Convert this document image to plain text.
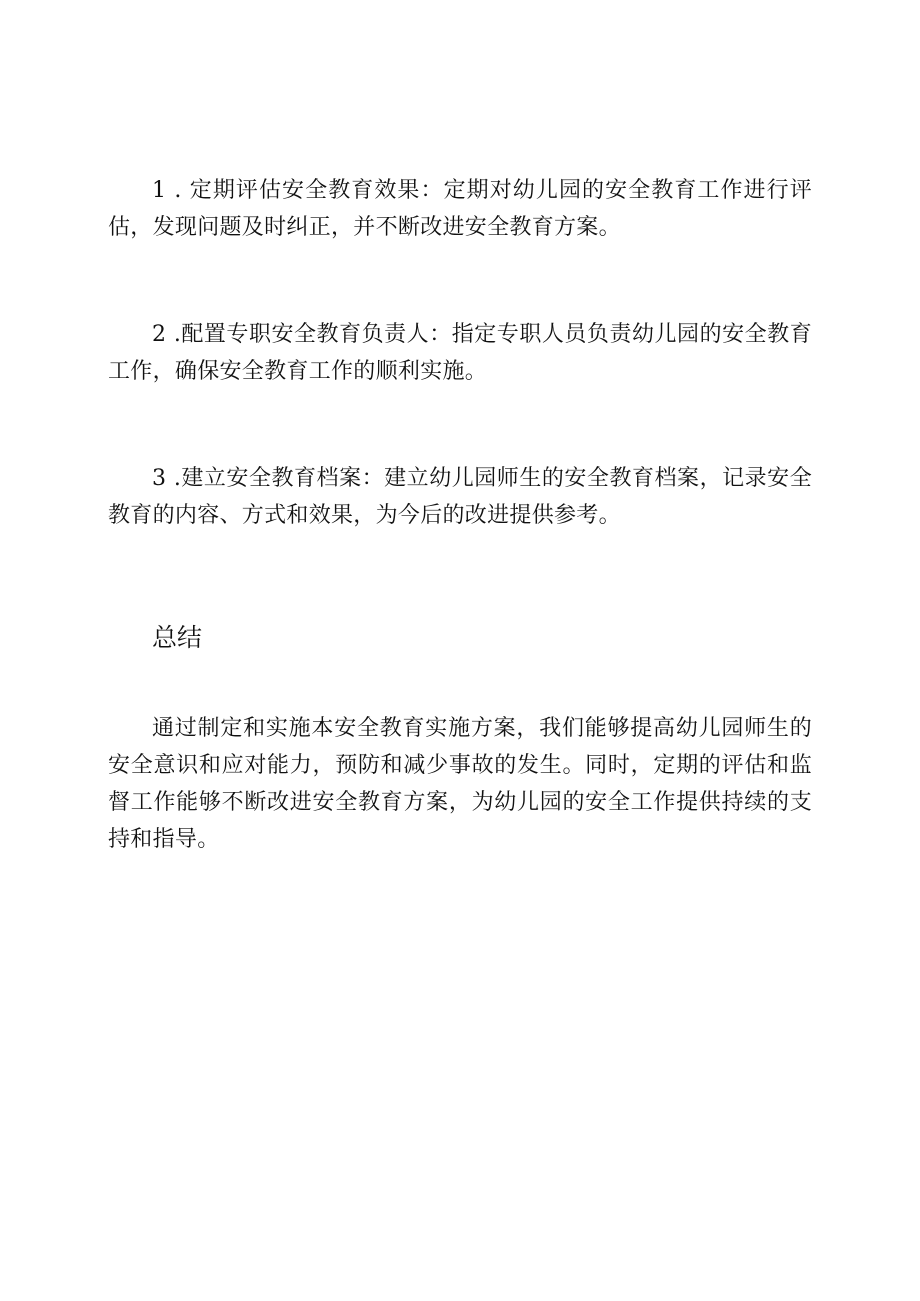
1 . 定期评估安全教育效果：定期对幼儿园的安全教育工作进行评估，发现问题及时纠正，并不断改进安全教育方案。

2 .配置专职安全教育负责人：指定专职人员负责幼儿园的安全教育工作，确保安全教育工作的顺利实施。

3 .建立安全教育档案：建立幼儿园师生的安全教育档案，记录安全教育的内容、方式和效果，为今后的改进提供参考。

总结

通过制定和实施本安全教育实施方案，我们能够提高幼儿园师生的安全意识和应对能力，预防和减少事故的发生。同时，定期的评估和监督工作能够不断改进安全教育方案，为幼儿园的安全工作提供持续的支持和指导。
